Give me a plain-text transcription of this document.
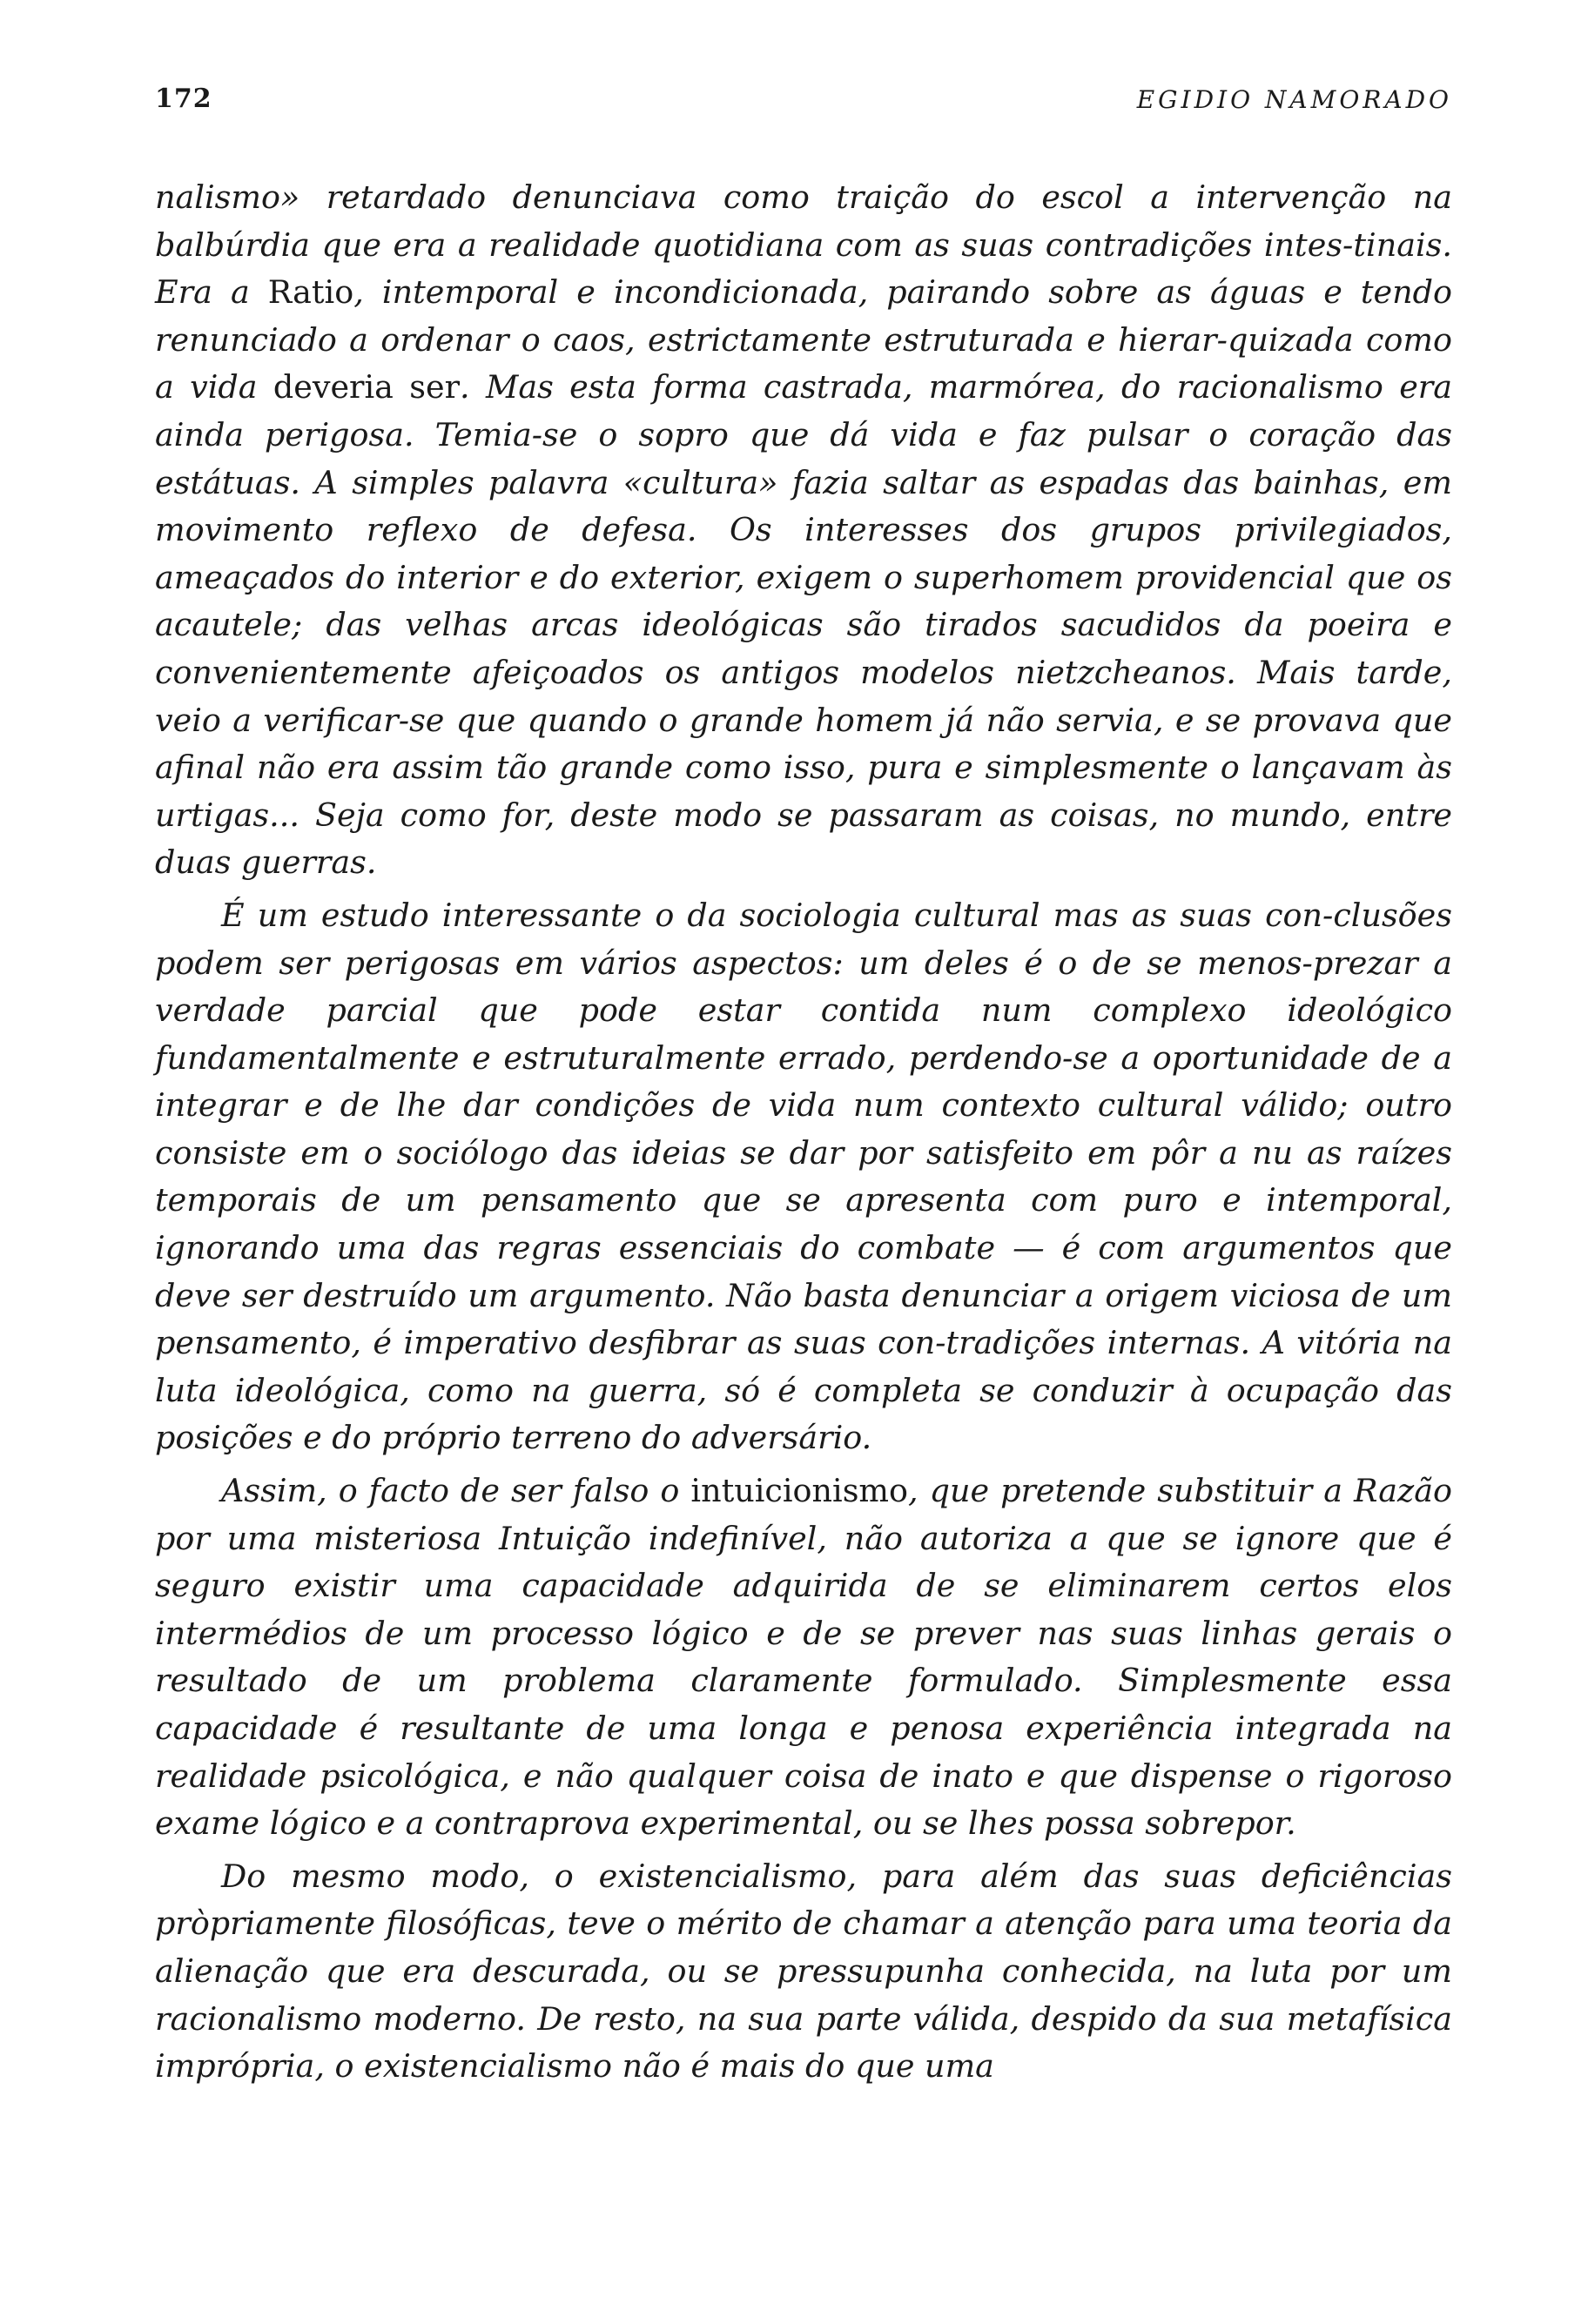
172	EGIDIO NAMORADO

nalismo» retardado denunciava como traição do escol a intervenção na balbúrdia que era a realidade quotidiana com as suas contradições intes-tinais. Era a Ratio, intemporal e incondicionada, pairando sobre as águas e tendo renunciado a ordenar o caos, estrictamente estruturada e hierar-quizada como a vida deveria ser. Mas esta forma castrada, marmórea, do racionalismo era ainda perigosa. Temia-se o sopro que dá vida e faz pulsar o coração das estátuas. A simples palavra «cultura» fazia saltar as espadas das bainhas, em movimento reflexo de defesa. Os interesses dos grupos privilegiados, ameaçados do interior e do exterior, exigem o superhomem providencial que os acautele; das velhas arcas ideológicas são tirados sacudidos da poeira e convenientemente afeiçoados os antigos modelos nietzcheanos. Mais tarde, veio a verificar-se que quando o grande homem já não servia, e se provava que afinal não era assim tão grande como isso, pura e simplesmente o lançavam às urtigas... Seja como for, deste modo se passaram as coisas, no mundo, entre duas guerras.

É um estudo interessante o da sociologia cultural mas as suas con-clusões podem ser perigosas em vários aspectos: um deles é o de se menos-prezar a verdade parcial que pode estar contida num complexo ideológico fundamentalmente e estruturalmente errado, perdendo-se a oportunidade de a integrar e de lhe dar condições de vida num contexto cultural válido; outro consiste em o sociólogo das ideias se dar por satisfeito em pôr a nu as raízes temporais de um pensamento que se apresenta com puro e intemporal, ignorando uma das regras essenciais do combate — é com argumentos que deve ser destruído um argumento. Não basta denunciar a origem viciosa de um pensamento, é imperativo desfibrar as suas con-tradições internas. A vitória na luta ideológica, como na guerra, só é completa se conduzir à ocupação das posições e do próprio terreno do adversário.

Assim, o facto de ser falso o intuicionismo, que pretende substituir a Razão por uma misteriosa Intuição indefinível, não autoriza a que se ignore que é seguro existir uma capacidade adquirida de se eliminarem certos elos intermédios de um processo lógico e de se prever nas suas linhas gerais o resultado de um problema claramente formulado. Simplesmente essa capacidade é resultante de uma longa e penosa experiência integrada na realidade psicológica, e não qualquer coisa de inato e que dispense o rigoroso exame lógico e a contraprova experimental, ou se lhes possa sobrepor.

Do mesmo modo, o existencialismo, para além das suas deficiências pròpriamente filosóficas, teve o mérito de chamar a atenção para uma teoria da alienação que era descurada, ou se pressupunha conhecida, na luta por um racionalismo moderno. De resto, na sua parte válida, despido da sua metafísica imprópria, o existencialismo não é mais do que uma
